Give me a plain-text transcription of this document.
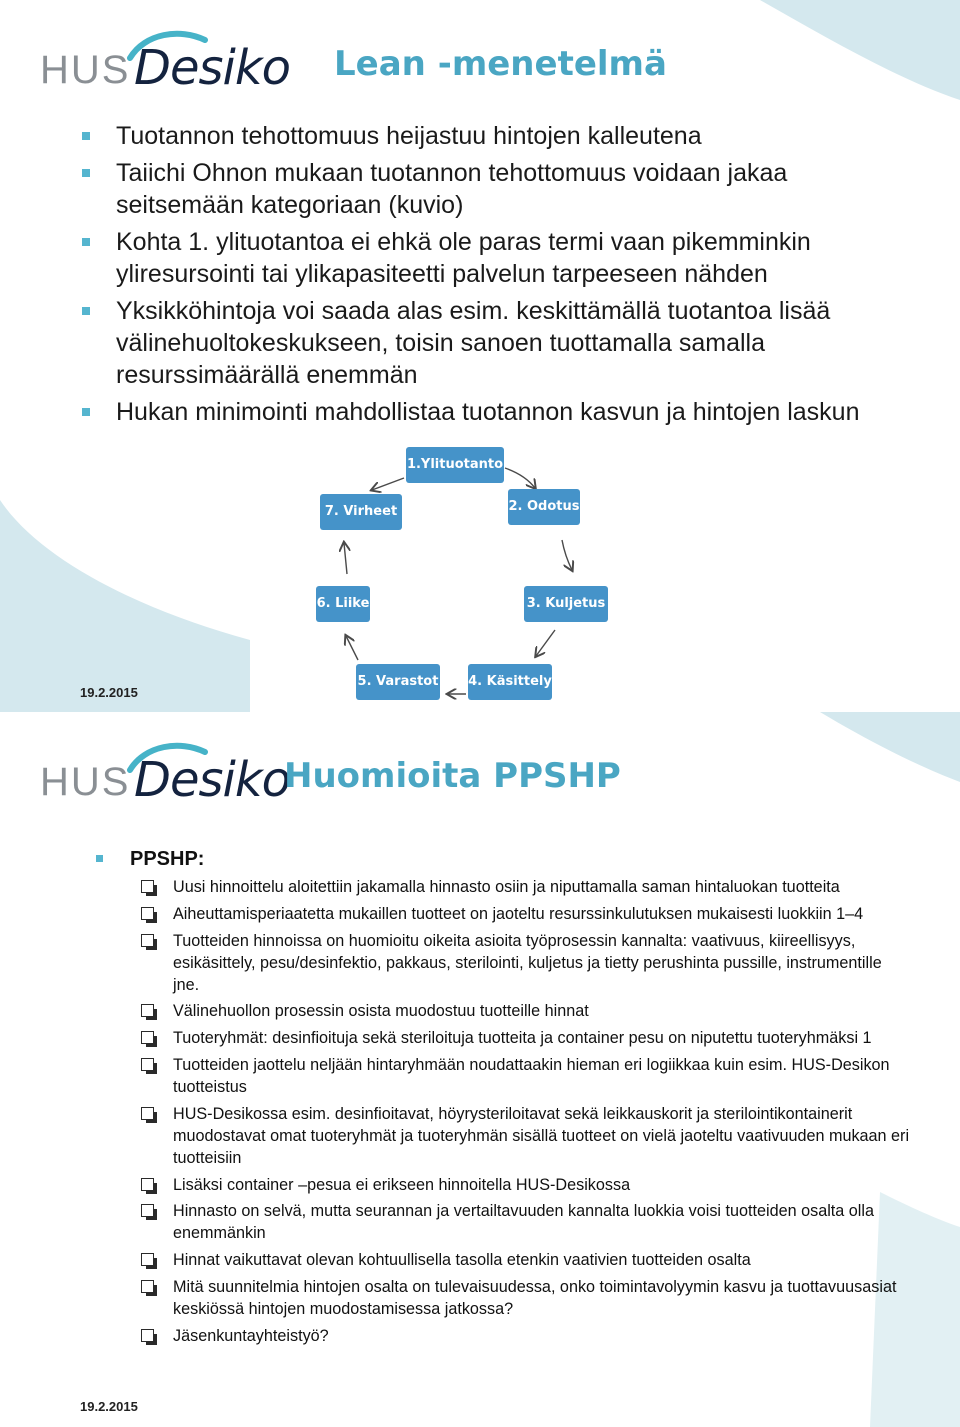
HUS Desiko Lean -menetelmä
Tuotannon tehottomuus heijastuu hintojen kalleutena
Taiichi Ohnon mukaan tuotannon tehottomuus voidaan jakaa seitsemään kategoriaan (kuvio)
Kohta 1. ylituotantoa ei ehkä ole paras termi vaan pikemminkin yliresursointi tai ylikapasiteetti palvelun tarpeeseen nähden
Yksikköhintoja voi saada alas esim. keskittämällä tuotantoa lisää välinehuoltokeskukseen, toisin sanoen tuottamalla samalla resurssimäärällä enemmän
Hukan minimointi mahdollistaa tuotannon kasvun ja hintojen laskun
1.Ylituotanto
2. Odotus
3. Kuljetus
4. Käsittely
5. Varastot
6. Liike
7. Virheet
19.2.2015
HUS Desiko
Huomioita PPSHP
PPSHP:
Uusi hinnoittelu aloitettiin jakamalla hinnasto osiin ja niputtamalla saman hintaluokan tuotteita
Aiheuttamisperiaatetta mukaillen tuotteet on jaoteltu resurssinkulutuksen mukaisesti luokkiin 1–4
Tuotteiden hinnoissa on huomioitu oikeita asioita työprosessin kannalta: vaativuus, kiireellisyys, esikäsittely, pesu/desinfektio, pakkaus, sterilointi, kuljetus ja tietty perushinta pussille, instrumentille jne.
Välinehuollon prosessin osista muodostuu tuotteille hinnat
Tuoteryhmät: desinfioituja sekä steriloituja tuotteita ja container pesu on niputettu tuoteryhmäksi 1
Tuotteiden jaottelu neljään hintaryhmään noudattaakin hieman eri logiikkaa kuin esim. HUS-Desikon tuotteistus
HUS-Desikossa esim. desinfioitavat, höyrysteriloitavat sekä leikkauskorit ja sterilointikontainerit muodostavat omat tuoteryhmät ja tuoteryhmän sisällä tuotteet on vielä jaoteltu vaativuuden mukaan eri tuotteisiin
Lisäksi container –pesua ei erikseen hinnoitella HUS-Desikossa
Hinnasto on selvä, mutta seurannan ja vertailtavuuden kannalta luokkia voisi tuotteiden osalta olla enemmänkin
Hinnat vaikuttavat olevan kohtuullisella tasolla etenkin vaativien tuotteiden osalta
Mitä suunnitelmia hintojen osalta on tulevaisuudessa, onko toimintavolyymin kasvu ja tuottavuusasiat keskiössä hintojen muodostamisessa jatkossa?
Jäsenkuntayhteistyö?
19.2.2015
